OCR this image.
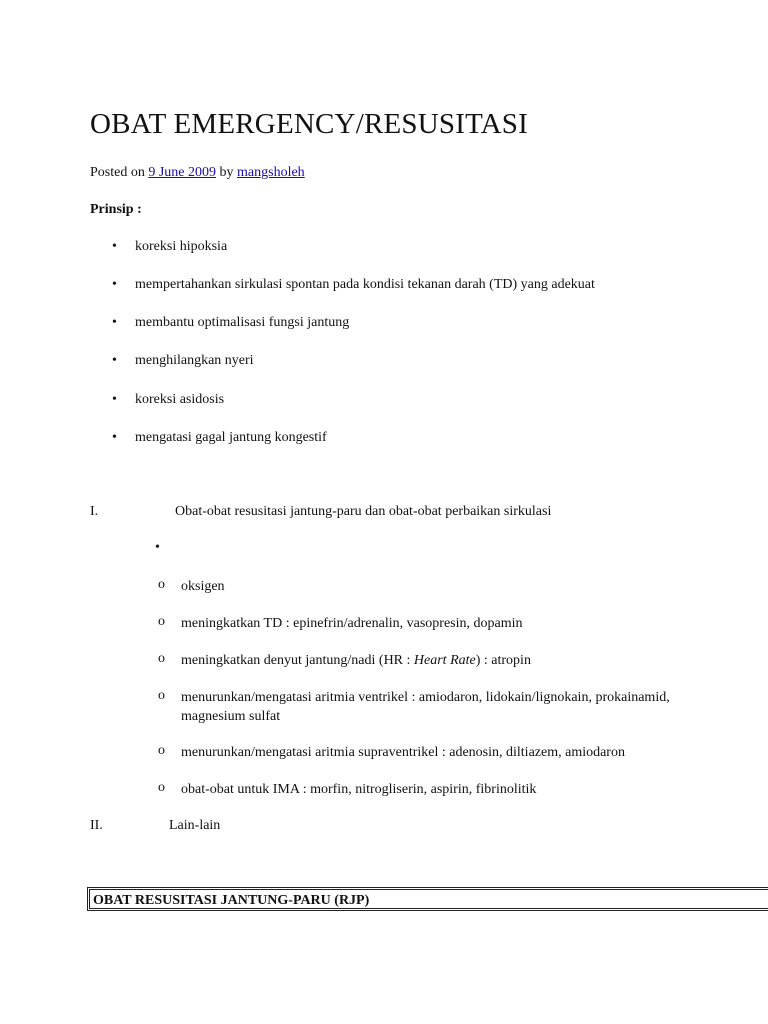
OBAT EMERGENCY/RESUSITASI
Posted on 9 June 2009 by mangsholeh
Prinsip :
•	koreksi hipoksia
•	mempertahankan sirkulasi spontan pada kondisi tekanan darah (TD) yang adekuat
•	membantu optimalisasi fungsi jantung
•	menghilangkan nyeri
•	koreksi asidosis
•	mengatasi gagal jantung kongestif
I.	Obat-obat resusitasi jantung-paru dan obat-obat perbaikan sirkulasi
•
o oksigen
o meningkatkan TD : epinefrin/adrenalin, vasopresin, dopamin
o meningkatkan denyut jantung/nadi (HR : Heart Rate) : atropin
o menurunkan/mengatasi aritmia ventrikel : amiodaron, lidokain/lignokain, prokainamid, magnesium sulfat
o menurunkan/mengatasi aritmia supraventrikel : adenosin, diltiazem, amiodaron
o obat-obat untuk IMA : morfin, nitrogliserin, aspirin, fibrinolitik
II.	Lain-lain
OBAT RESUSITASI JANTUNG-PARU (RJP)
